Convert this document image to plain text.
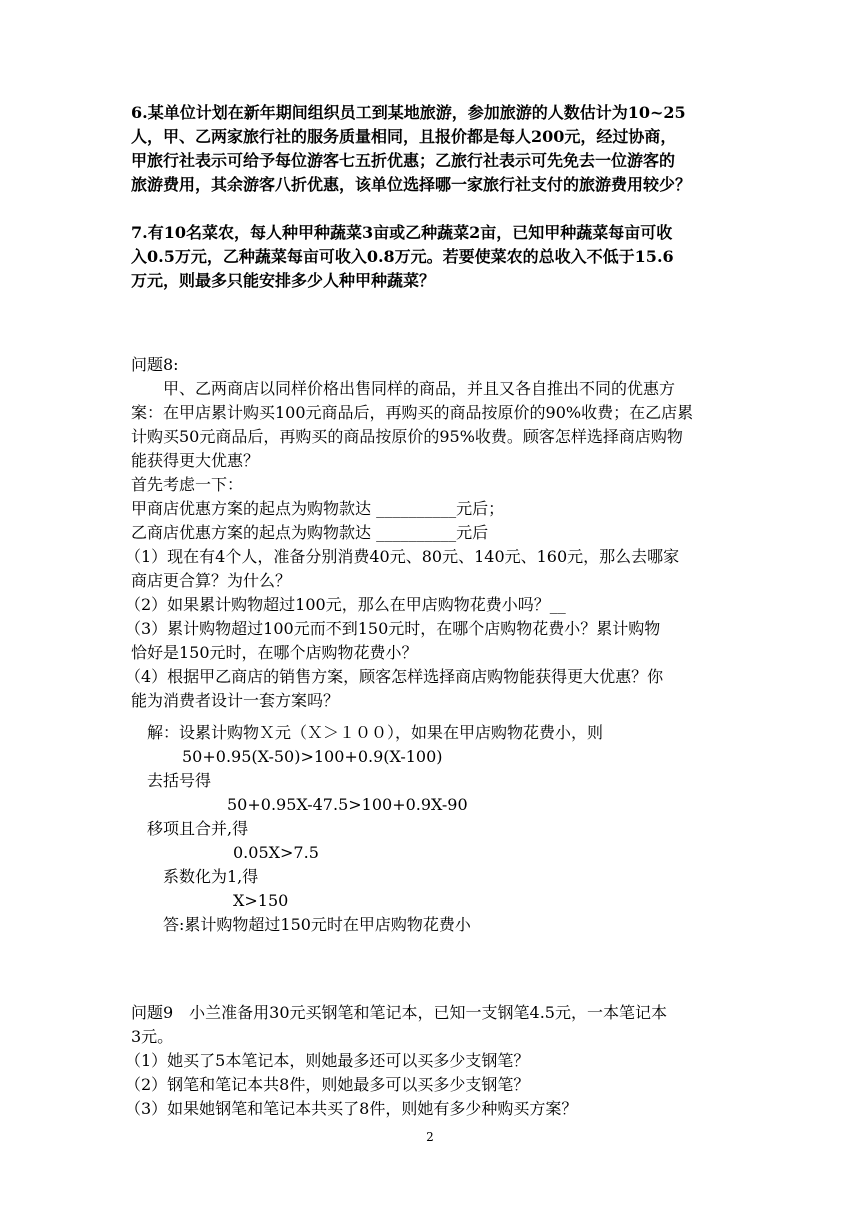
6.某单位计划在新年期间组织员工到某地旅游，参加旅游的人数估计为10~25
人，甲、乙两家旅行社的服务质量相同，且报价都是每人200元，经过协商，
甲旅行社表示可给予每位游客七五折优惠；乙旅行社表示可先免去一位游客的
旅游费用，其余游客八折优惠，该单位选择哪一家旅行社支付的旅游费用较少？
7.有10名菜农，每人种甲种蔬菜3亩或乙种蔬菜2亩，已知甲种蔬菜每亩可收
入0.5万元，乙种蔬菜每亩可收入0.8万元。若要使菜农的总收入不低于15.6
万元，则最多只能安排多少人种甲种蔬菜？
问题8:
甲、乙两商店以同样价格出售同样的商品，并且又各自推出不同的优惠方
案：在甲店累计购买100元商品后，再购买的商品按原价的90%收费；在乙店累
计购买50元商品后，再购买的商品按原价的95%收费。顾客怎样选择商店购物
能获得更大优惠？
首先考虑一下：
甲商店优惠方案的起点为购物款达 __________元后；
乙商店优惠方案的起点为购物款达 __________元后
（1）现在有4个人，准备分别消费40元、80元、140元、160元，那么去哪家
商店更合算？为什么？
（2）如果累计购物超过100元，那么在甲店购物花费小吗？__
（3）累计购物超过100元而不到150元时，在哪个店购物花费小？累计购物
恰好是150元时，在哪个店购物花费小？
（4）根据甲乙商店的销售方案，顾客怎样选择商店购物能获得更大优惠？你
能为消费者设计一套方案吗？
解：设累计购物Ｘ元（Ｘ＞１００），如果在甲店购物花费小，则
50+0.95(X-50)>100+0.9(X-100)
去括号得
50+0.95X-47.5>100+0.9X-90
移项且合并,得
0.05X>7.5
系数化为1,得
X>150
答:累计购物超过150元时在甲店购物花费小
问题9　小兰准备用30元买钢笔和笔记本，已知一支钢笔4.5元，一本笔记本
3元。
（1）她买了5本笔记本，则她最多还可以买多少支钢笔？
（2）钢笔和笔记本共8件，则她最多可以买多少支钢笔？
（3）如果她钢笔和笔记本共买了8件，则她有多少种购买方案？
2
